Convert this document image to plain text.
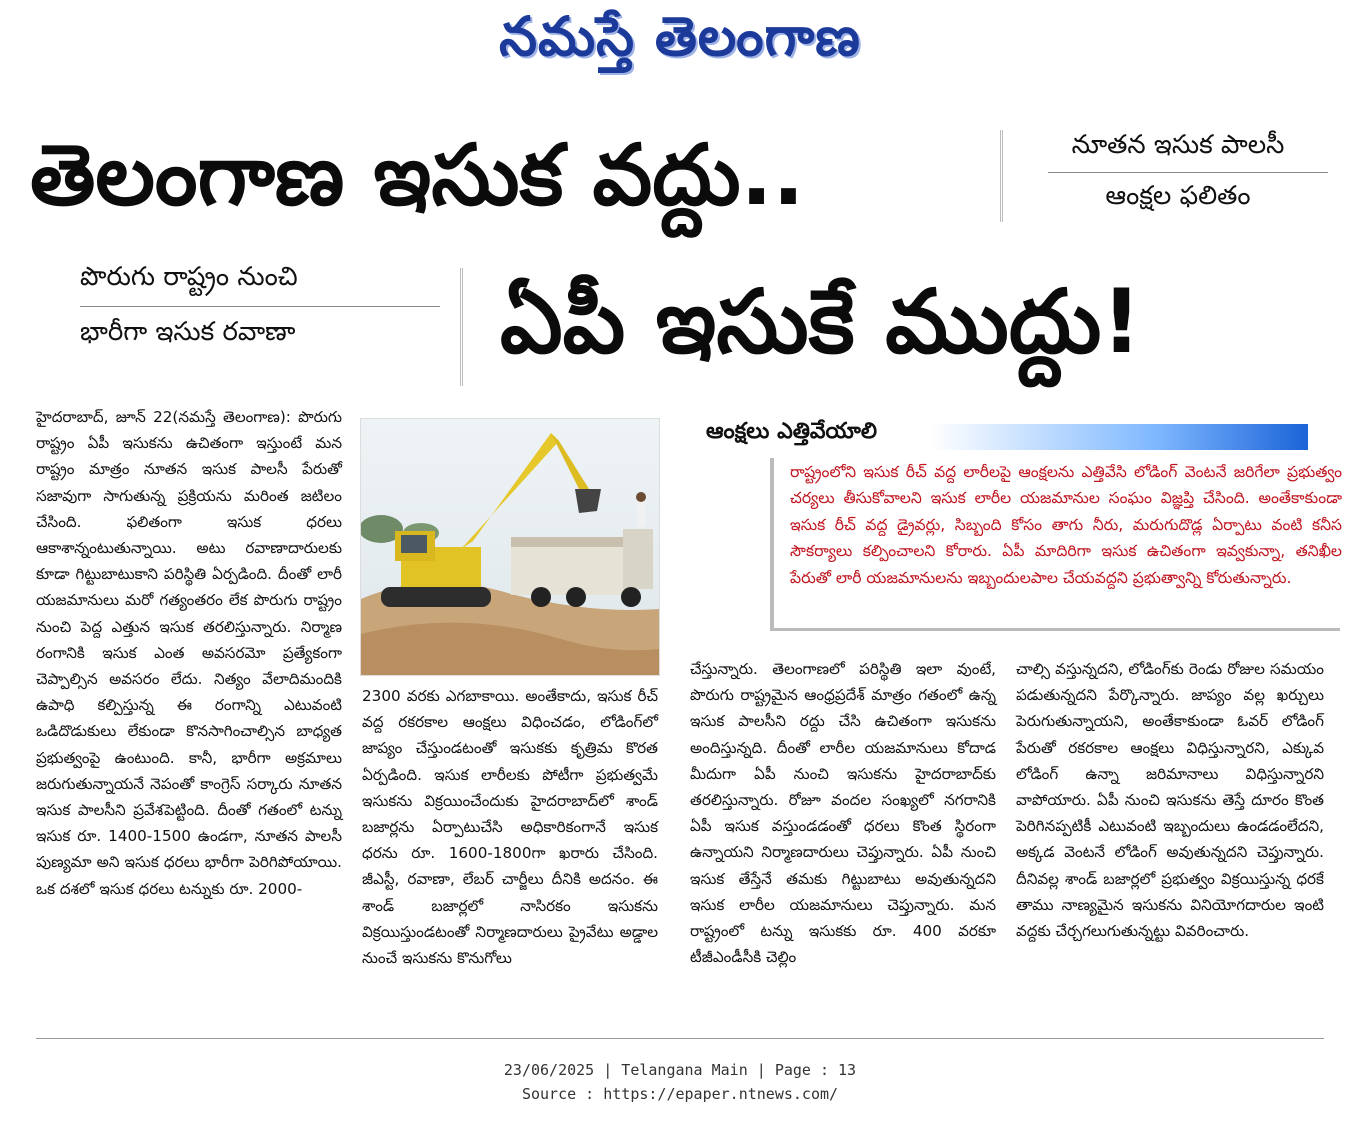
నమస్తే తెలంగాణ
తెలంగాణ ఇసుక వద్దు..	నూతన ఇసుక పాలసీ
ఆంక్షల ఫలితం
పొరుగు రాష్ట్రం నుంచి
భారీగా ఇసుక రవాణా	ఏపీ ఇసుకే ముద్దు!

హైదరాబాద్, జూన్ 22(నమస్తే తెలంగాణ): పొరుగు రాష్ట్రం ఏపీ ఇసుకను ఉచితంగా ఇస్తుంటే మన రాష్ట్రం మాత్రం నూతన ఇసుక పాలసీ పేరుతో సజావుగా సాగుతున్న ప్రక్రియను మరింత జటిలం చేసింది. ఫలితంగా ఇసుక ధరలు ఆకాశాన్నంటుతున్నాయి. అటు రవాణాదారులకు కూడా గిట్టుబాటుకాని పరిస్థితి ఏర్పడింది. దీంతో లారీ యజమానులు మరో గత్యంతరం లేక పొరుగు రాష్ట్రం నుంచి పెద్ద ఎత్తున ఇసుక తరలిస్తున్నారు. నిర్మాణ రంగానికి ఇసుక ఎంత అవసరమో ప్రత్యేకంగా చెప్పాల్సిన అవసరం లేదు. నిత్యం వేలాదిమందికి ఉపాధి కల్పిస్తున్న ఈ రంగాన్ని ఎటువంటి ఒడిదొడుకులు లేకుండా కొనసాగించాల్సిన బాధ్యత ప్రభుత్వంపై ఉంటుంది. కానీ, భారీగా అక్రమాలు జరుగుతున్నాయనే నెపంతో కాంగ్రెస్ సర్కారు నూతన ఇసుక పాలసీని ప్రవేశపెట్టింది. దీంతో గతంలో టన్ను ఇసుక రూ. 1400-1500 ఉండగా, నూతన పాలసీ పుణ్యమా అని ఇసుక ధరలు భారీగా పెరిగిపోయాయి. ఒక దశలో ఇసుక ధరలు టన్నుకు రూ. 2000-

2300 వరకు ఎగబాకాయి. అంతేకాదు, ఇసుక రీచ్ వద్ద రకరకాల ఆంక్షలు విధించడం, లోడింగ్‌లో జాప్యం చేస్తుండటంతో ఇసుకకు కృత్రిమ కొరత ఏర్పడింది. ఇసుక లారీలకు పోటీగా ప్రభుత్వమే ఇసుకను విక్రయించేందుకు హైదరాబాద్‌లో శాండ్ బజార్లను ఏర్పాటుచేసి అధికారికంగానే ఇసుక ధరను రూ. 1600-1800గా ఖరారు చేసింది. జీఎస్టీ, రవాణా, లేబర్ చార్జీలు దీనికి అదనం. ఈ శాండ్ బజార్లలో నాసిరకం ఇసుకను విక్రయిస్తుండటంతో నిర్మాణదారులు ప్రైవేటు అడ్డాల నుంచే ఇసుకను కొనుగోలు

ఆంక్షలు ఎత్తివేయాలి
రాష్ట్రంలోని ఇసుక రీచ్ వద్ద లారీలపై ఆంక్షలను ఎత్తివేసి లోడింగ్ వెంటనే జరిగేలా ప్రభుత్వం చర్యలు తీసుకోవాలని ఇసుక లారీల యజమానుల సంఘం విజ్ఞప్తి చేసింది. అంతేకాకుండా ఇసుక రీచ్ వద్ద డ్రైవర్లు, సిబ్బంది కోసం తాగు నీరు, మరుగుదొడ్ల ఏర్పాటు వంటి కనీస సౌకర్యాలు కల్పించాలని కోరారు. ఏపీ మాదిరిగా ఇసుక ఉచితంగా ఇవ్వకున్నా, తనిఖీల పేరుతో లారీ యజమానులను ఇబ్బందులపాల చేయవద్దని ప్రభుత్వాన్ని కోరుతున్నారు.

చేస్తున్నారు. తెలంగాణలో పరిస్థితి ఇలా వుంటే, పొరుగు రాష్ట్రమైన ఆంధ్రప్రదేశ్ మాత్రం గతంలో ఉన్న ఇసుక పాలసీని రద్దు చేసి ఉచితంగా ఇసుకను అందిస్తున్నది. దీంతో లారీల యజమానులు కోదాడ మీదుగా ఏపీ నుంచి ఇసుకను హైదరాబాద్‌కు తరలిస్తున్నారు. రోజూ వందల సంఖ్యలో నగరానికి ఏపీ ఇసుక వస్తుండడంతో ధరలు కొంత స్థిరంగా ఉన్నాయని నిర్మాణదారులు చెప్తున్నారు. ఏపీ నుంచి ఇసుక తేస్తేనే తమకు గిట్టుబాటు అవుతున్నదని ఇసుక లారీల యజమానులు చెప్తున్నారు. మన రాష్ట్రంలో టన్ను ఇసుకకు రూ. 400 వరకూ టీజీఎండీసీకి చెల్లిం

చాల్సి వస్తున్నదని, లోడింగ్‌కు రెండు రోజుల సమయం పడుతున్నదని పేర్కొన్నారు. జాప్యం వల్ల ఖర్చులు పెరుగుతున్నాయని, అంతేకాకుండా ఓవర్ లోడింగ్ పేరుతో రకరకాల ఆంక్షలు విధిస్తున్నారని, ఎక్కువ లోడింగ్ ఉన్నా జరిమానాలు విధిస్తున్నారని వాపోయారు. ఏపీ నుంచి ఇసుకను తెస్తే దూరం కొంత పెరిగినప్పటికీ ఎటువంటి ఇబ్బందులు ఉండడంలేదని, అక్కడ వెంటనే లోడింగ్ అవుతున్నదని చెప్తున్నారు. దీనివల్ల శాండ్ బజార్లలో ప్రభుత్వం విక్రయిస్తున్న ధరకే తాము నాణ్యమైన ఇసుకను వినియోగదారుల ఇంటి వద్దకు చేర్చగలుగుతున్నట్టు వివరించారు.

23/06/2025 | Telangana Main | Page : 13
Source : https://epaper.ntnews.com/
